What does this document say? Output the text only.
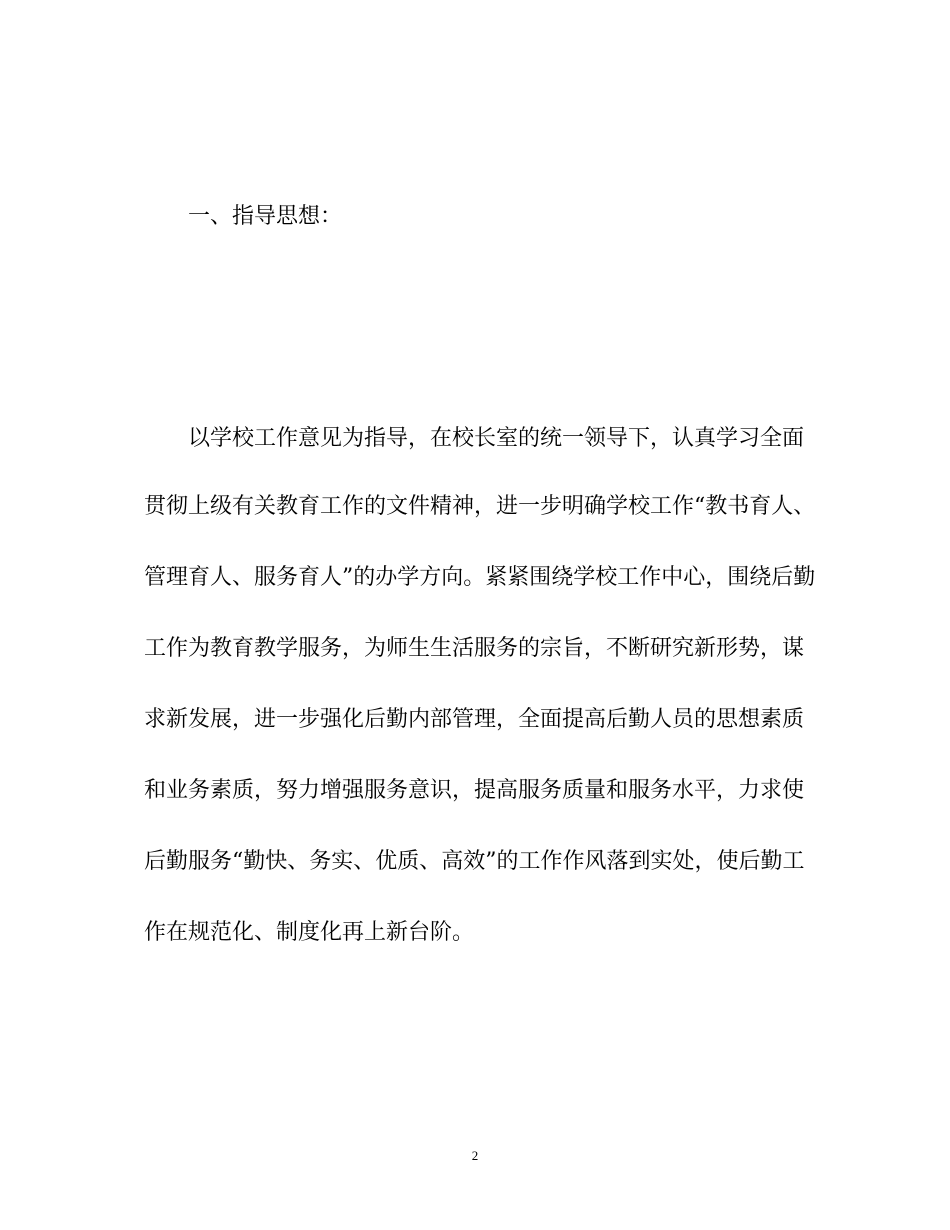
一、指导思想：
以学校工作意见为指导，在校长室的统一领导下，认真学习全面
贯彻上级有关教育工作的文件精神，进一步明确学校工作“教书育人、
管理育人、服务育人”的办学方向。紧紧围绕学校工作中心，围绕后勤
工作为教育教学服务，为师生生活服务的宗旨，不断研究新形势，谋
求新发展，进一步强化后勤内部管理，全面提高后勤人员的思想素质
和业务素质，努力增强服务意识，提高服务质量和服务水平，力求使
后勤服务“勤快、务实、优质、高效”的工作作风落到实处，使后勤工
作在规范化、制度化再上新台阶。
2
